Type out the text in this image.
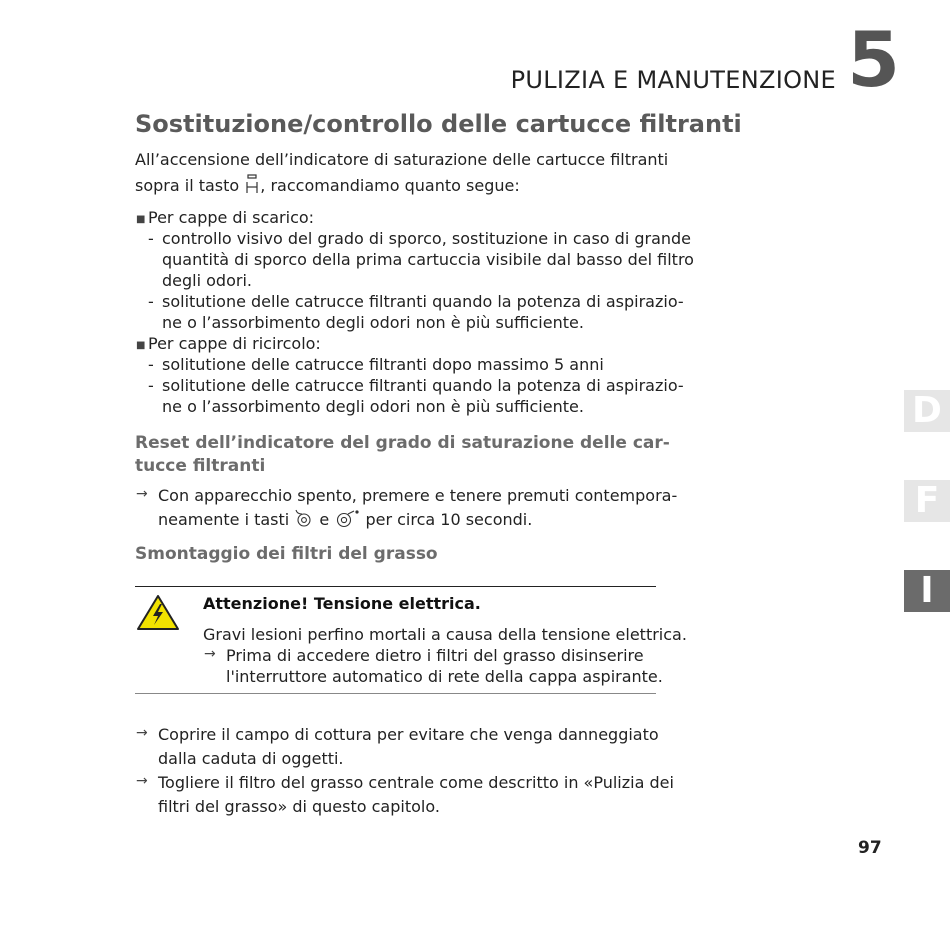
PULIZIA E MANUTENZIONE 5
D
F
I
Sostituzione/controllo delle cartucce filtranti
All’accensione dell’indicatore di saturazione delle cartucce filtranti
sopra il tasto , raccomandiamo quanto segue:
■ Per cappe di scarico:
- controllo visivo del grado di sporco, sostituzione in caso di grande
quantità di sporco della prima cartuccia visibile dal basso del filtro
degli odori.
- solitutione delle catrucce filtranti quando la potenza di aspirazio-
ne o l’assorbimento degli odori non è più sufficiente.
■ Per cappe di ricircolo:
- solitutione delle catrucce filtranti dopo massimo 5 anni
- solitutione delle catrucce filtranti quando la potenza di aspirazio-
ne o l’assorbimento degli odori non è più sufficiente.
Reset dell’indicatore del grado di saturazione delle car-
tucce filtranti
→ Con apparecchio spento, premere e tenere premuti contempora-
neamente i tasti e per circa 10 secondi.
Smontaggio dei filtri del grasso
Attenzione! Tensione elettrica.
Gravi lesioni perfino mortali a causa della tensione elettrica.
→ Prima di accedere dietro i filtri del grasso disinserire
l'interruttore automatico di rete della cappa aspirante.
→ Coprire il campo di cottura per evitare che venga danneggiato
dalla caduta di oggetti.
→ Togliere il filtro del grasso centrale come descritto in «Pulizia dei
filtri del grasso» di questo capitolo.
97
